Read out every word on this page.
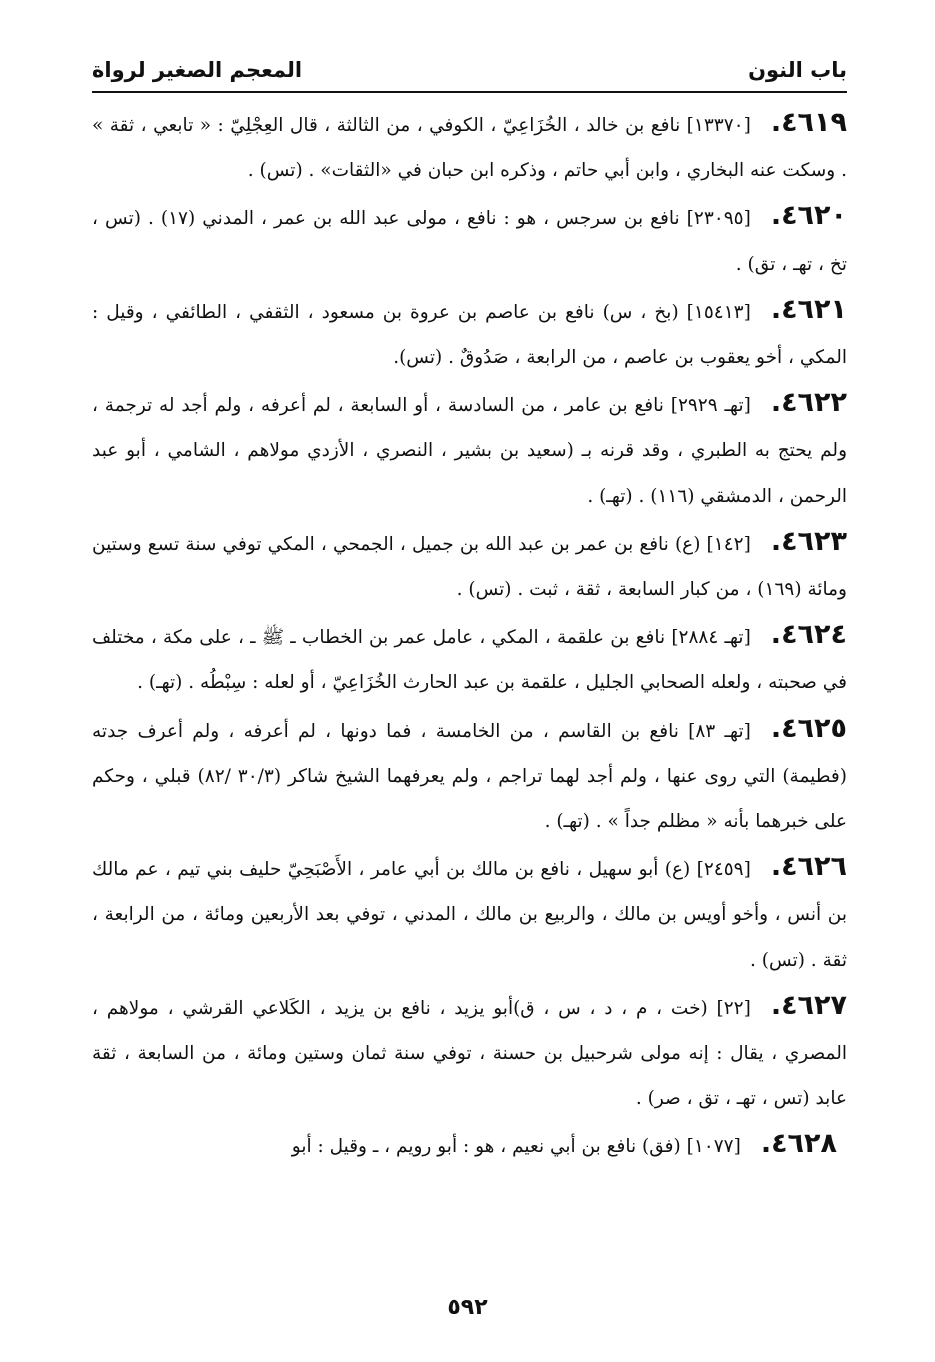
باب النون
المعجم الصغير لرواة

٤٦١٩.[١٣٣٧٠] نافع بن خالد ، الخُزَاعِيّ ، الكوفي ، من الثالثة ، قال العِجْلِيّ : « تابعي ، ثقة » . وسكت عنه البخاري ، وابن أبي حاتم ، وذكره ابن حبان في «الثقات» . (تس) .

٤٦٢٠.[٢٣٠٩٥] نافع بن سرجس ، هو : نافع ، مولى عبد الله بن عمر ، المدني (١٧) . (تس ، تخ ، تهـ ، تق) .

٤٦٢١.[١٥٤١٣] (بخ ، س) نافع بن عاصم بن عروة بن مسعود ، الثقفي ، الطائفي ، وقيل : المكي ، أخو يعقوب بن عاصم ، من الرابعة ، صَدُوقٌ . (تس).

٤٦٢٢.[تهـ ٢٩٢٩] نافع بن عامر ، من السادسة ، أو السابعة ، لم أعرفه ، ولم أجد له ترجمة ، ولم يحتج به الطبري ، وقد قرنه بـ (سعيد بن بشير ، النصري ، الأزدي مولاهم ، الشامي ، أبو عبد الرحمن ، الدمشقي (١١٦) . (تهـ) .

٤٦٢٣.[١٤٢] (ع) نافع بن عمر بن عبد الله بن جميل ، الجمحي ، المكي توفي سنة تسع وستين ومائة (١٦٩) ، من كبار السابعة ، ثقة ، ثبت . (تس) .

٤٦٢٤.[تهـ ٢٨٨٤] نافع بن علقمة ، المكي ، عامل عمر بن الخطاب ـ ﷺ ـ ، على مكة ، مختلف في صحبته ، ولعله الصحابي الجليل ، علقمة بن عبد الحارث الخُزَاعِيّ ، أو لعله : سِبْطُه . (تهـ) .

٤٦٢٥.[تهـ ٨٣] نافع بن القاسم ، من الخامسة ، فما دونها ، لم أعرفه ، ولم أعرف جدته (فطيمة) التي روى عنها ، ولم أجد لهما تراجم ، ولم يعرفهما الشيخ شاكر (٣٠/٣ /٨٢) قبلي ، وحكم على خبرهما بأنه « مظلم جداً » . (تهـ) .

٤٦٢٦.[٢٤٥٩] (ع) أبو سهيل ، نافع بن مالك بن أبي عامر ، الأَصْبَحِيّ حليف بني تيم ، عم مالك بن أنس ، وأخو أويس بن مالك ، والربيع بن مالك ، المدني ، توفي بعد الأربعين ومائة ، من الرابعة ، ثقة . (تس) .

٤٦٢٧.[٢٢] (خت ، م ، د ، س ، ق)أبو يزيد ، نافع بن يزيد ، الكَلاعي القرشي ، مولاهم ، المصري ، يقال : إنه مولى شرحبيل بن حسنة ، توفي سنة ثمان وستين ومائة ، من السابعة ، ثقة عابد (تس ، تهـ ، تق ، صر) .

٤٦٢٨.[١٠٧٧] (فق) نافع بن أبي نعيم ، هو : أبو رويم ، ـ وقيل : أبو

٥٩٢
